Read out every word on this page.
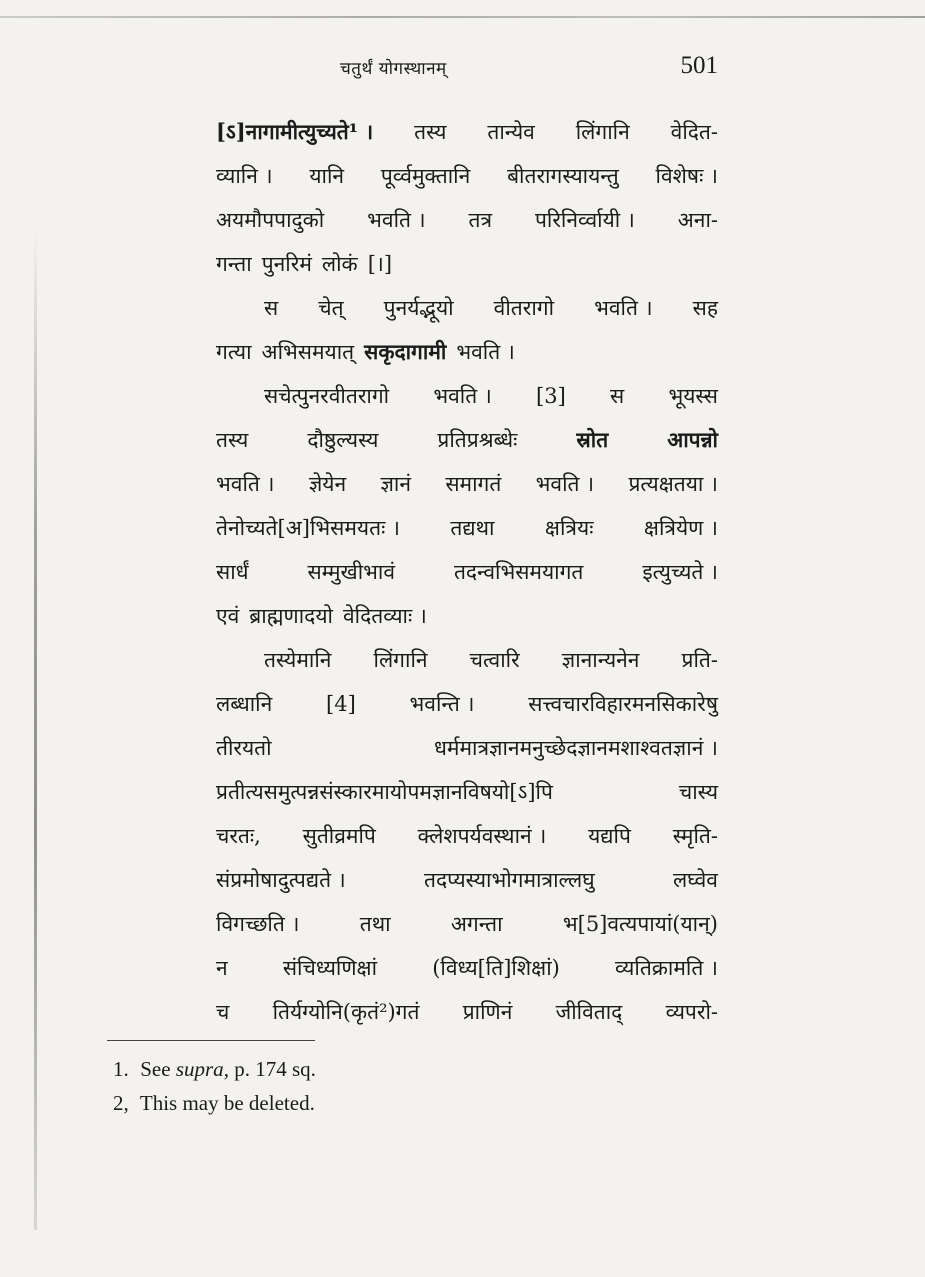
चतुर्थं योगस्थानम्	501
[ऽ]नागामीत्युच्यते¹ । तस्य तान्येव लिंगानि वेदित-
व्यानि । यानि पूर्व्वमुक्तानि बीतरागस्यायन्तु विशेषः ।
अयमौपपादुको भवति । तत्र परिनिर्व्वायी । अना-
गन्ता पुनरिमं लोकं [।]
स चेत् पुनर्यद्भूयो वीतरागो भवति । सह
गत्या अभिसमयात् सकृदागामी भवति ।
सचेत्पुनरवीतरागो भवति । [3] स भूयस्स
तस्य	दौष्ठुल्यस्य	प्रतिप्रश्रब्धेः	स्रोत	आपन्नो
भवति । ज्ञेयेन ज्ञानं समागतं भवति । प्रत्यक्षतया ।
तेनोच्यते[अ]भिसमयतः । तद्यथा क्षत्रियः क्षत्रियेण ।
सार्धं	सम्मुखीभावं	तदन्वभिसमयागत	इत्युच्यते ।
एवं ब्राह्मणादयो वेदितव्याः ।
तस्येमानि लिंगानि चत्वारि ज्ञानान्यनेन प्रति-
लब्धानि	[4]	भवन्ति ।	सत्त्वचारविहारमनसिकारेषु
तीरयतो	धर्ममात्रज्ञानमनुच्छेदज्ञानमशाश्वतज्ञानं ।
प्रतीत्यसमुत्पन्नसंस्कारमायोपमज्ञानविषयो[ऽ]पि	चास्य
चरतः, सुतीव्रमपि क्लेशपर्यवस्थानं । यद्यपि स्मृति-
संप्रमोषादुत्पद्यते ।	तदप्यस्याभोगमात्राल्लघु	लघ्वेव
विगच्छति ।	तथा	अगन्ता	भ[5]वत्यपायां(यान्)
न	संचिध्यणिक्षां	(विध्य[ति]शिक्षां)	व्यतिक्रामति ।
च तिर्यग्योनि(कृतं²)गतं प्राणिनं जीविताद् व्यपरो-
1. See supra, p. 174 sq.
2, This may be deleted.
